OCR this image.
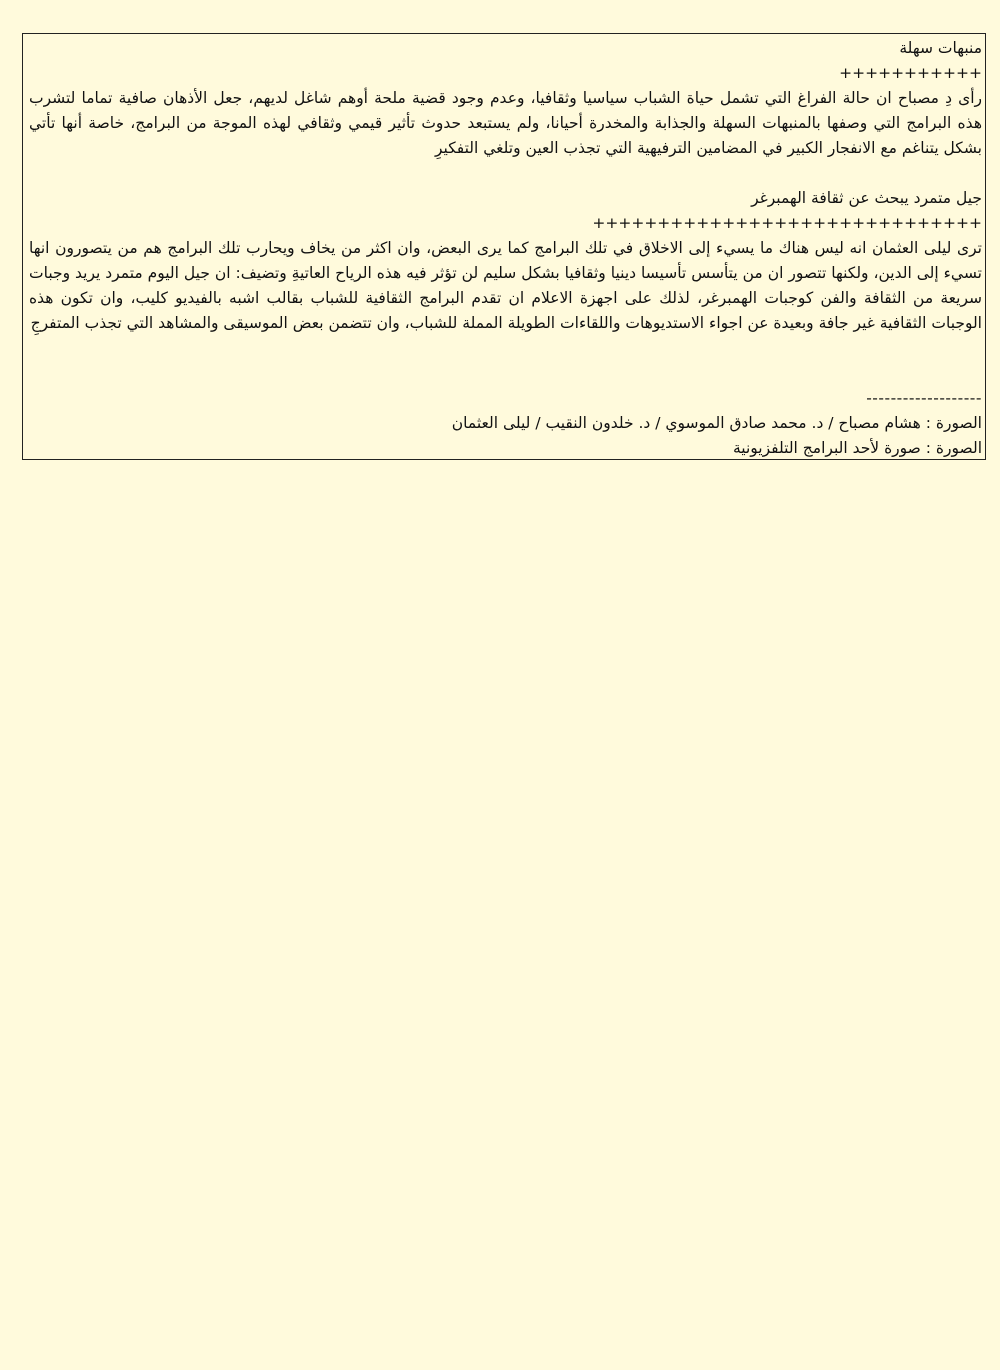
منبهات سهلة
+++++++++++

رأى دِ مصباح ان حالة الفراغ التي تشمل حياة الشباب سياسيا وثقافيا، وعدم وجود قضية ملحة أوهم شاغل لديهم، جعل الأذهان صافية تماما لتشرب هذه البرامج التي وصفها بالمنبهات السهلة والجذابة والمخدرة أحيانا، ولم يستبعد حدوث تأثير قيمي وثقافي لهذه الموجة من البرامج، خاصة أنها تأتي بشكل يتناغم مع الانفجار الكبير في المضامين الترفيهية التي تجذب العين وتلغي التفكيرِ

جيل متمرد يبحث عن ثقافة الهمبرغر
++++++++++++++++++++++++++++++

ترى ليلى العثمان انه ليس هناك ما يسيء إلى الاخلاق في تلك البرامج كما يرى البعض، وان اكثر من يخاف ويحارب تلك البرامج هم من يتصورون انها تسيء إلى الدين، ولكنها تتصور ان من يتأسس تأسيسا دينيا وثقافيا بشكل سليم لن تؤثر فيه هذه الرياح العاتيةِ وتضيف: ان جيل اليوم متمرد يريد وجبات سريعة من الثقافة والفن كوجبات الهمبرغر، لذلك على اجهزة الاعلام ان تقدم البرامج الثقافية للشباب بقالب اشبه بالفيديو كليب، وان تكون هذه الوجبات الثقافية غير جافة وبعيدة عن اجواء الاستديوهات واللقاءات الطويلة المملة للشباب، وان تتضمن بعض الموسيقى والمشاهد التي تجذب المتفرجِ

-------------------
الصورة : هشام مصباح / د. محمد صادق الموسوي / د. خلدون النقيب / ليلى العثمان
الصورة : صورة لأحد البرامج التلفزيونية
